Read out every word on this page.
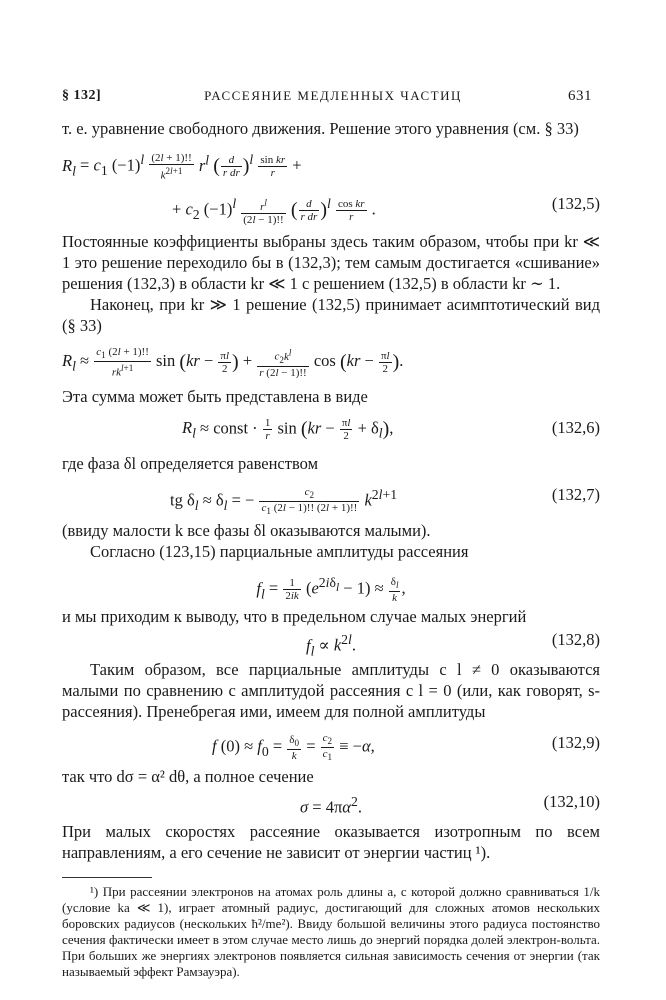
§ 132]	РАССЕЯНИЕ МЕДЛЕННЫХ ЧАСТИЦ	631

т. е. уравнение свободного движения. Решение этого уравнения (см. § 33)

$R_l = c_1$ $(-1)^l \frac{(2l + 1)!!}{k^{2l+1}} r^l$ ( $\frac{d}{\text{r dr}} )^l \frac{\text{sin kr}}{r}$ +
+ $c_2$ $(-1)^l \frac{r^l}{(2l - 1)!!}$ ( $\frac{d}{\text{r dr}} )^l \frac{\text{cos kr}}{r}$ .	(132,5)

Постоянные коэффициенты выбраны здесь таким образом, чтобы при kr ≪ 1 это решение переходило бы в (132,3); тем самым достигается «сшивание» решения (132,3) в области kr ≪ 1 с решением (132,5) в области kr ∼ 1.

Наконец, при kr ≫ 1 решение (132,5) принимает асимптотический вид (§ 33)

$R_l \approx \frac{c_1 (2l + 1)!!}{rk^{l+1}}$ $\sin (kr - \frac{\pi l}{2}$ ) + $\frac{c_2k^l}{r (2l - 1)!!}$ $\cos (kr - \frac{\pi l}{2}$ ).

Эта сумма может быть представлена в виде

$R_l$ ≈ const · $\frac{1}{r}$ $\sin (kr - \frac{\pi l}{2} + \delta_l)$,	(132,6)

где фаза δl определяется равенством

tg $\delta_l \approx \delta_l$ = − $\frac{c_2}{c_1 (2l - 1)!! (2l + 1)!!} k^{2l+1}$	(132,7)

(ввиду малости k все фазы δl оказываются малыми).

Согласно (123,15) парциальные амплитуды рассеяния

$f_l = \frac{1}{2ik} (e^{2i\delta_l} - 1) \approx \frac{\delta_l}{k}$ ,

и мы приходим к выводу, что в предельном случае малых энергий

$f_l \propto k^{2l}$.	(132,8)

Таким образом, все парциальные амплитуды с l ≠ 0 оказываются малыми по сравнению с амплитудой рассеяния с l = 0 (или, как говорят, s-рассеяния). Пренебрегая ими, имеем для полной амплитуды

f $(0) \approx f_0 = \frac{\delta_0}{k} = \frac{c_2}{c_1} \equiv -\alpha$,	(132,9)

так что dσ = α² dθ, а полное сечение

$\sigma = 4\pi\alpha^2$.	(132,10)

При малых скоростях рассеяние оказывается изотропным по всем направлениям, а его сечение не зависит от энергии частиц ¹).

¹) При рассеянии электронов на атомах роль длины a, с которой должно сравниваться 1/k (условие ka ≪ 1), играет атомный радиус, достигающий для сложных атомов нескольких боровских радиусов (нескольких ħ²/me²). Ввиду большой величины этого радиуса постоянство сечения фактически имеет в этом случае место лишь до энергий порядка долей электрон-вольта. При больших же энергиях электронов появляется сильная зависимость сечения от энергии (так называемый эффект Рамзауэра).
